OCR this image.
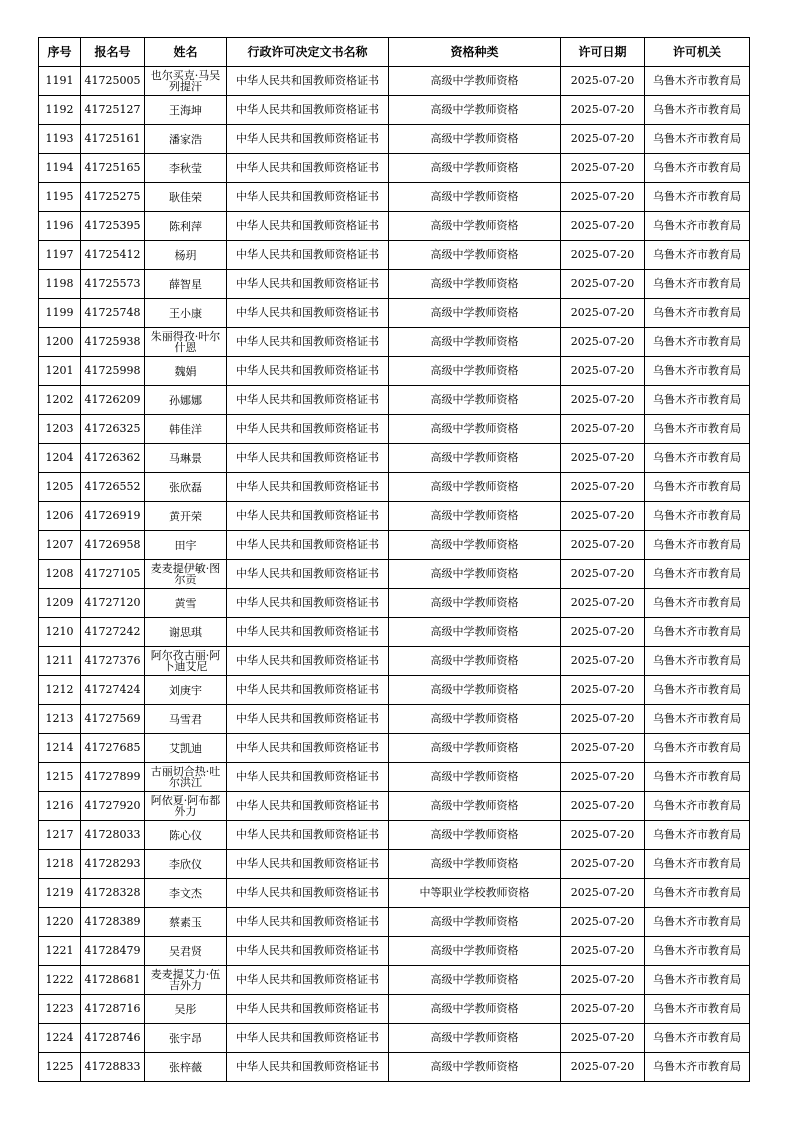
序号	报名号	姓名	行政许可决定文书名称	资格种类	许可日期	许可机关
1191	41725005	也尔买克·马吴列提汗	中华人民共和国教师资格证书	高级中学教师资格	2025-07-20	乌鲁木齐市教育局
1192	41725127	王海坤	中华人民共和国教师资格证书	高级中学教师资格	2025-07-20	乌鲁木齐市教育局
1193	41725161	潘家浩	中华人民共和国教师资格证书	高级中学教师资格	2025-07-20	乌鲁木齐市教育局
1194	41725165	李秋莹	中华人民共和国教师资格证书	高级中学教师资格	2025-07-20	乌鲁木齐市教育局
1195	41725275	耿佳荣	中华人民共和国教师资格证书	高级中学教师资格	2025-07-20	乌鲁木齐市教育局
1196	41725395	陈利萍	中华人民共和国教师资格证书	高级中学教师资格	2025-07-20	乌鲁木齐市教育局
1197	41725412	杨玥	中华人民共和国教师资格证书	高级中学教师资格	2025-07-20	乌鲁木齐市教育局
1198	41725573	薛智星	中华人民共和国教师资格证书	高级中学教师资格	2025-07-20	乌鲁木齐市教育局
1199	41725748	王小康	中华人民共和国教师资格证书	高级中学教师资格	2025-07-20	乌鲁木齐市教育局
1200	41725938	朱丽得孜·叶尔什恩	中华人民共和国教师资格证书	高级中学教师资格	2025-07-20	乌鲁木齐市教育局
1201	41725998	魏娟	中华人民共和国教师资格证书	高级中学教师资格	2025-07-20	乌鲁木齐市教育局
1202	41726209	孙娜娜	中华人民共和国教师资格证书	高级中学教师资格	2025-07-20	乌鲁木齐市教育局
1203	41726325	韩佳洋	中华人民共和国教师资格证书	高级中学教师资格	2025-07-20	乌鲁木齐市教育局
1204	41726362	马琳景	中华人民共和国教师资格证书	高级中学教师资格	2025-07-20	乌鲁木齐市教育局
1205	41726552	张欣磊	中华人民共和国教师资格证书	高级中学教师资格	2025-07-20	乌鲁木齐市教育局
1206	41726919	黄开荣	中华人民共和国教师资格证书	高级中学教师资格	2025-07-20	乌鲁木齐市教育局
1207	41726958	田宇	中华人民共和国教师资格证书	高级中学教师资格	2025-07-20	乌鲁木齐市教育局
1208	41727105	麦麦提伊敏·图尔贡	中华人民共和国教师资格证书	高级中学教师资格	2025-07-20	乌鲁木齐市教育局
1209	41727120	黄雪	中华人民共和国教师资格证书	高级中学教师资格	2025-07-20	乌鲁木齐市教育局
1210	41727242	谢思琪	中华人民共和国教师资格证书	高级中学教师资格	2025-07-20	乌鲁木齐市教育局
1211	41727376	阿尔孜古丽·阿卜迪艾尼	中华人民共和国教师资格证书	高级中学教师资格	2025-07-20	乌鲁木齐市教育局
1212	41727424	刘庚宇	中华人民共和国教师资格证书	高级中学教师资格	2025-07-20	乌鲁木齐市教育局
1213	41727569	马雪君	中华人民共和国教师资格证书	高级中学教师资格	2025-07-20	乌鲁木齐市教育局
1214	41727685	艾凯迪	中华人民共和国教师资格证书	高级中学教师资格	2025-07-20	乌鲁木齐市教育局
1215	41727899	古丽切合热·吐尔洪江	中华人民共和国教师资格证书	高级中学教师资格	2025-07-20	乌鲁木齐市教育局
1216	41727920	阿依夏·阿布都外力	中华人民共和国教师资格证书	高级中学教师资格	2025-07-20	乌鲁木齐市教育局
1217	41728033	陈心仪	中华人民共和国教师资格证书	高级中学教师资格	2025-07-20	乌鲁木齐市教育局
1218	41728293	李欣仪	中华人民共和国教师资格证书	高级中学教师资格	2025-07-20	乌鲁木齐市教育局
1219	41728328	李文杰	中华人民共和国教师资格证书	中等职业学校教师资格	2025-07-20	乌鲁木齐市教育局
1220	41728389	蔡素玉	中华人民共和国教师资格证书	高级中学教师资格	2025-07-20	乌鲁木齐市教育局
1221	41728479	吴君贤	中华人民共和国教师资格证书	高级中学教师资格	2025-07-20	乌鲁木齐市教育局
1222	41728681	麦麦提艾力·伍吉外力	中华人民共和国教师资格证书	高级中学教师资格	2025-07-20	乌鲁木齐市教育局
1223	41728716	吴彤	中华人民共和国教师资格证书	高级中学教师资格	2025-07-20	乌鲁木齐市教育局
1224	41728746	张宇昂	中华人民共和国教师资格证书	高级中学教师资格	2025-07-20	乌鲁木齐市教育局
1225	41728833	张梓薇	中华人民共和国教师资格证书	高级中学教师资格	2025-07-20	乌鲁木齐市教育局
